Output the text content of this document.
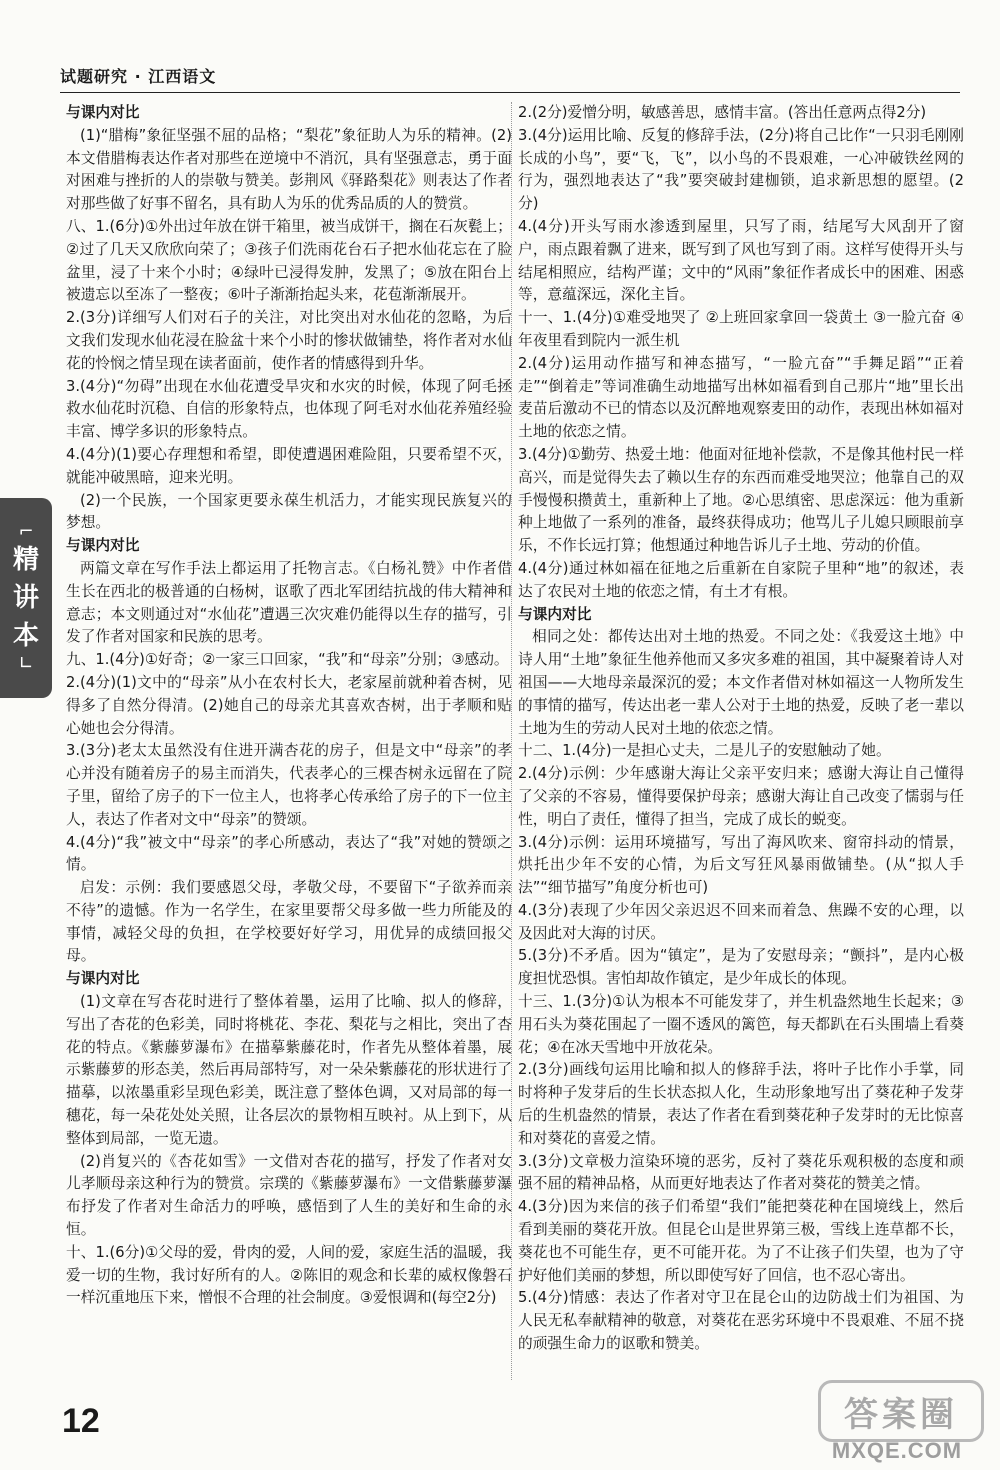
试题研究 · 江西语文

与课内对比

(1)“腊梅”象征坚强不屈的品格；“梨花”象征助人为乐的精神。(2)本文借腊梅表达作者对那些在逆境中不消沉，具有坚强意志，勇于面对困难与挫折的人的崇敬与赞美。彭荆风《驿路梨花》则表达了作者对那些做了好事不留名，具有助人为乐的优秀品质的人的赞赏。

八、1.(6分)①外出过年放在饼干箱里，被当成饼干，搁在石灰甏上；②过了几天又欣欣向荣了；③孩子们洗雨花台石子把水仙花忘在了脸盆里，浸了十来个小时；④绿叶已浸得发肿，发黑了；⑤放在阳台上被遗忘以至冻了一整夜；⑥叶子渐渐抬起头来，花苞渐渐展开。

2.(3分)详细写人们对石子的关注，对比突出对水仙花的忽略，为后文我们发现水仙花浸在脸盆十来个小时的惨状做铺垫，将作者对水仙花的怜悯之情呈现在读者面前，使作者的情感得到升华。

3.(4分)“勿碍”出现在水仙花遭受旱灾和水灾的时候，体现了阿毛拯救水仙花时沉稳、自信的形象特点，也体现了阿毛对水仙花养殖经验丰富、博学多识的形象特点。

4.(4分)(1)要心存理想和希望，即使遭遇困难险阻，只要希望不灭，就能冲破黑暗，迎来光明。

(2)一个民族，一个国家更要永葆生机活力，才能实现民族复兴的梦想。

与课内对比

两篇文章在写作手法上都运用了托物言志。《白杨礼赞》中作者借生长在西北的极普通的白杨树，讴歌了西北军团结抗战的伟大精神和意志；本文则通过对“水仙花”遭遇三次灾难仍能得以生存的描写，引发了作者对国家和民族的思考。

九、1.(4分)①好奇；②一家三口回家，“我”和“母亲”分别；③感动。

2.(4分)(1)文中的“母亲”从小在农村长大，老家屋前就种着杏树，见得多了自然分得清。(2)她自己的母亲尤其喜欢杏树，出于孝顺和贴心她也会分得清。

3.(3分)老太太虽然没有住进开满杏花的房子，但是文中“母亲”的孝心并没有随着房子的易主而消失，代表孝心的三棵杏树永远留在了院子里，留给了房子的下一位主人，也将孝心传承给了房子的下一位主人，表达了作者对文中“母亲”的赞颂。

4.(4分)“我”被文中“母亲”的孝心所感动，表达了“我”对她的赞颂之情。

启发：示例：我们要感恩父母，孝敬父母，不要留下“子欲养而亲不待”的遗憾。作为一名学生，在家里要帮父母多做一些力所能及的事情，减轻父母的负担，在学校要好好学习，用优异的成绩回报父母。

与课内对比

(1)文章在写杏花时进行了整体着墨，运用了比喻、拟人的修辞，写出了杏花的色彩美，同时将桃花、李花、梨花与之相比，突出了杏花的特点。《紫藤萝瀑布》在描摹紫藤花时，作者先从整体着墨，展示紫藤萝的形态美，然后再局部特写，对一朵朵紫藤花的形状进行了描摹，以浓墨重彩呈现色彩美，既注意了整体色调，又对局部的每一穗花，每一朵花处处关照，让各层次的景物相互映衬。从上到下，从整体到局部，一览无遗。

(2)肖复兴的《杏花如雪》一文借对杏花的描写，抒发了作者对女儿孝顺母亲这种行为的赞赏。宗璞的《紫藤萝瀑布》一文借紫藤萝瀑布抒发了作者对生命活力的呼唤，感悟到了人生的美好和生命的永恒。

十、1.(6分)①父母的爱，骨肉的爱，人间的爱，家庭生活的温暖，我爱一切的生物，我讨好所有的人。②陈旧的观念和长辈的威权像磐石一样沉重地压下来，憎恨不合理的社会制度。③爱恨调和(每空2分)

2.(2分)爱憎分明，敏感善思，感情丰富。(答出任意两点得2分)

3.(4分)运用比喻、反复的修辞手法，(2分)将自己比作“一只羽毛刚刚长成的小鸟”，要“飞，飞”，以小鸟的不畏艰难，一心冲破铁丝网的行为，强烈地表达了“我”要突破封建枷锁，追求新思想的愿望。(2分)

4.(4分)开头写雨水渗透到屋里，只写了雨，结尾写大风刮开了窗户，雨点跟着飘了进来，既写到了风也写到了雨。这样写使得开头与结尾相照应，结构严谨；文中的“风雨”象征作者成长中的困难、困惑等，意蕴深远，深化主旨。

十一、1.(4分)①难受地哭了 ②上班回家拿回一袋黄土 ③一脸亢奋 ④年夜里看到院内一派生机

2.(4分)运用动作描写和神态描写，“一脸亢奋”“手舞足蹈”“正着走”“倒着走”等词准确生动地描写出林如福看到自己那片“地”里长出麦苗后激动不已的情态以及沉醉地观察麦田的动作，表现出林如福对土地的依恋之情。

3.(4分)①勤劳、热爱土地：他面对征地补偿款，不是像其他村民一样高兴，而是觉得失去了赖以生存的东西而难受地哭泣；他靠自己的双手慢慢积攒黄土，重新种上了地。②心思缜密、思虑深远：他为重新种上地做了一系列的准备，最终获得成功；他骂儿子儿媳只顾眼前享乐，不作长远打算；他想通过种地告诉儿子土地、劳动的价值。

4.(4分)通过林如福在征地之后重新在自家院子里种“地”的叙述，表达了农民对土地的依恋之情，有土才有根。

与课内对比

相同之处：都传达出对土地的热爱。不同之处：《我爱这土地》中诗人用“土地”象征生他养他而又多灾多难的祖国，其中凝聚着诗人对祖国——大地母亲最深沉的爱；本文作者借对林如福这一人物所发生的事情的描写，传达出老一辈人公对于土地的热爱，反映了老一辈以土地为生的劳动人民对土地的依恋之情。

十二、1.(4分)一是担心丈夫，二是儿子的安慰触动了她。

2.(4分)示例：少年感谢大海让父亲平安归来；感谢大海让自己懂得了父亲的不容易，懂得要保护母亲；感谢大海让自己改变了懦弱与任性，明白了责任，懂得了担当，完成了成长的蜕变。

3.(4分)示例：运用环境描写，写出了海风吹来、窗帘抖动的情景，烘托出少年不安的心情，为后文写狂风暴雨做铺垫。(从“拟人手法”“细节描写”角度分析也可)

4.(3分)表现了少年因父亲迟迟不回来而着急、焦躁不安的心理，以及因此对大海的讨厌。

5.(3分)不矛盾。因为“镇定”，是为了安慰母亲；“颤抖”，是内心极度担忧恐惧。害怕却故作镇定，是少年成长的体现。

十三、1.(3分)①认为根本不可能发芽了，并生机盎然地生长起来；③用石头为葵花围起了一圈不透风的篱笆，每天都趴在石头围墙上看葵花；④在冰天雪地中开放花朵。

2.(3分)画线句运用比喻和拟人的修辞手法，将叶子比作小手掌，同时将种子发芽后的生长状态拟人化，生动形象地写出了葵花种子发芽后的生机盎然的情景，表达了作者在看到葵花种子发芽时的无比惊喜和对葵花的喜爱之情。

3.(3分)文章极力渲染环境的恶劣，反衬了葵花乐观积极的态度和顽强不屈的精神品格，从而更好地表达了作者对葵花的赞美之情。

4.(3分)因为来信的孩子们希望“我们”能把葵花种在国境线上，然后看到美丽的葵花开放。但昆仑山是世界第三极，雪线上连草都不长，葵花也不可能生存，更不可能开花。为了不让孩子们失望，也为了守护好他们美丽的梦想，所以即使写好了回信，也不忍心寄出。

5.(4分)情感：表达了作者对守卫在昆仑山的边防战士们为祖国、为人民无私奉献精神的敬意，对葵花在恶劣环境中不畏艰难、不屈不挠的顽强生命力的讴歌和赞美。

⌐
精
讲
本
∟
12	答案圈
MXQE.COM
